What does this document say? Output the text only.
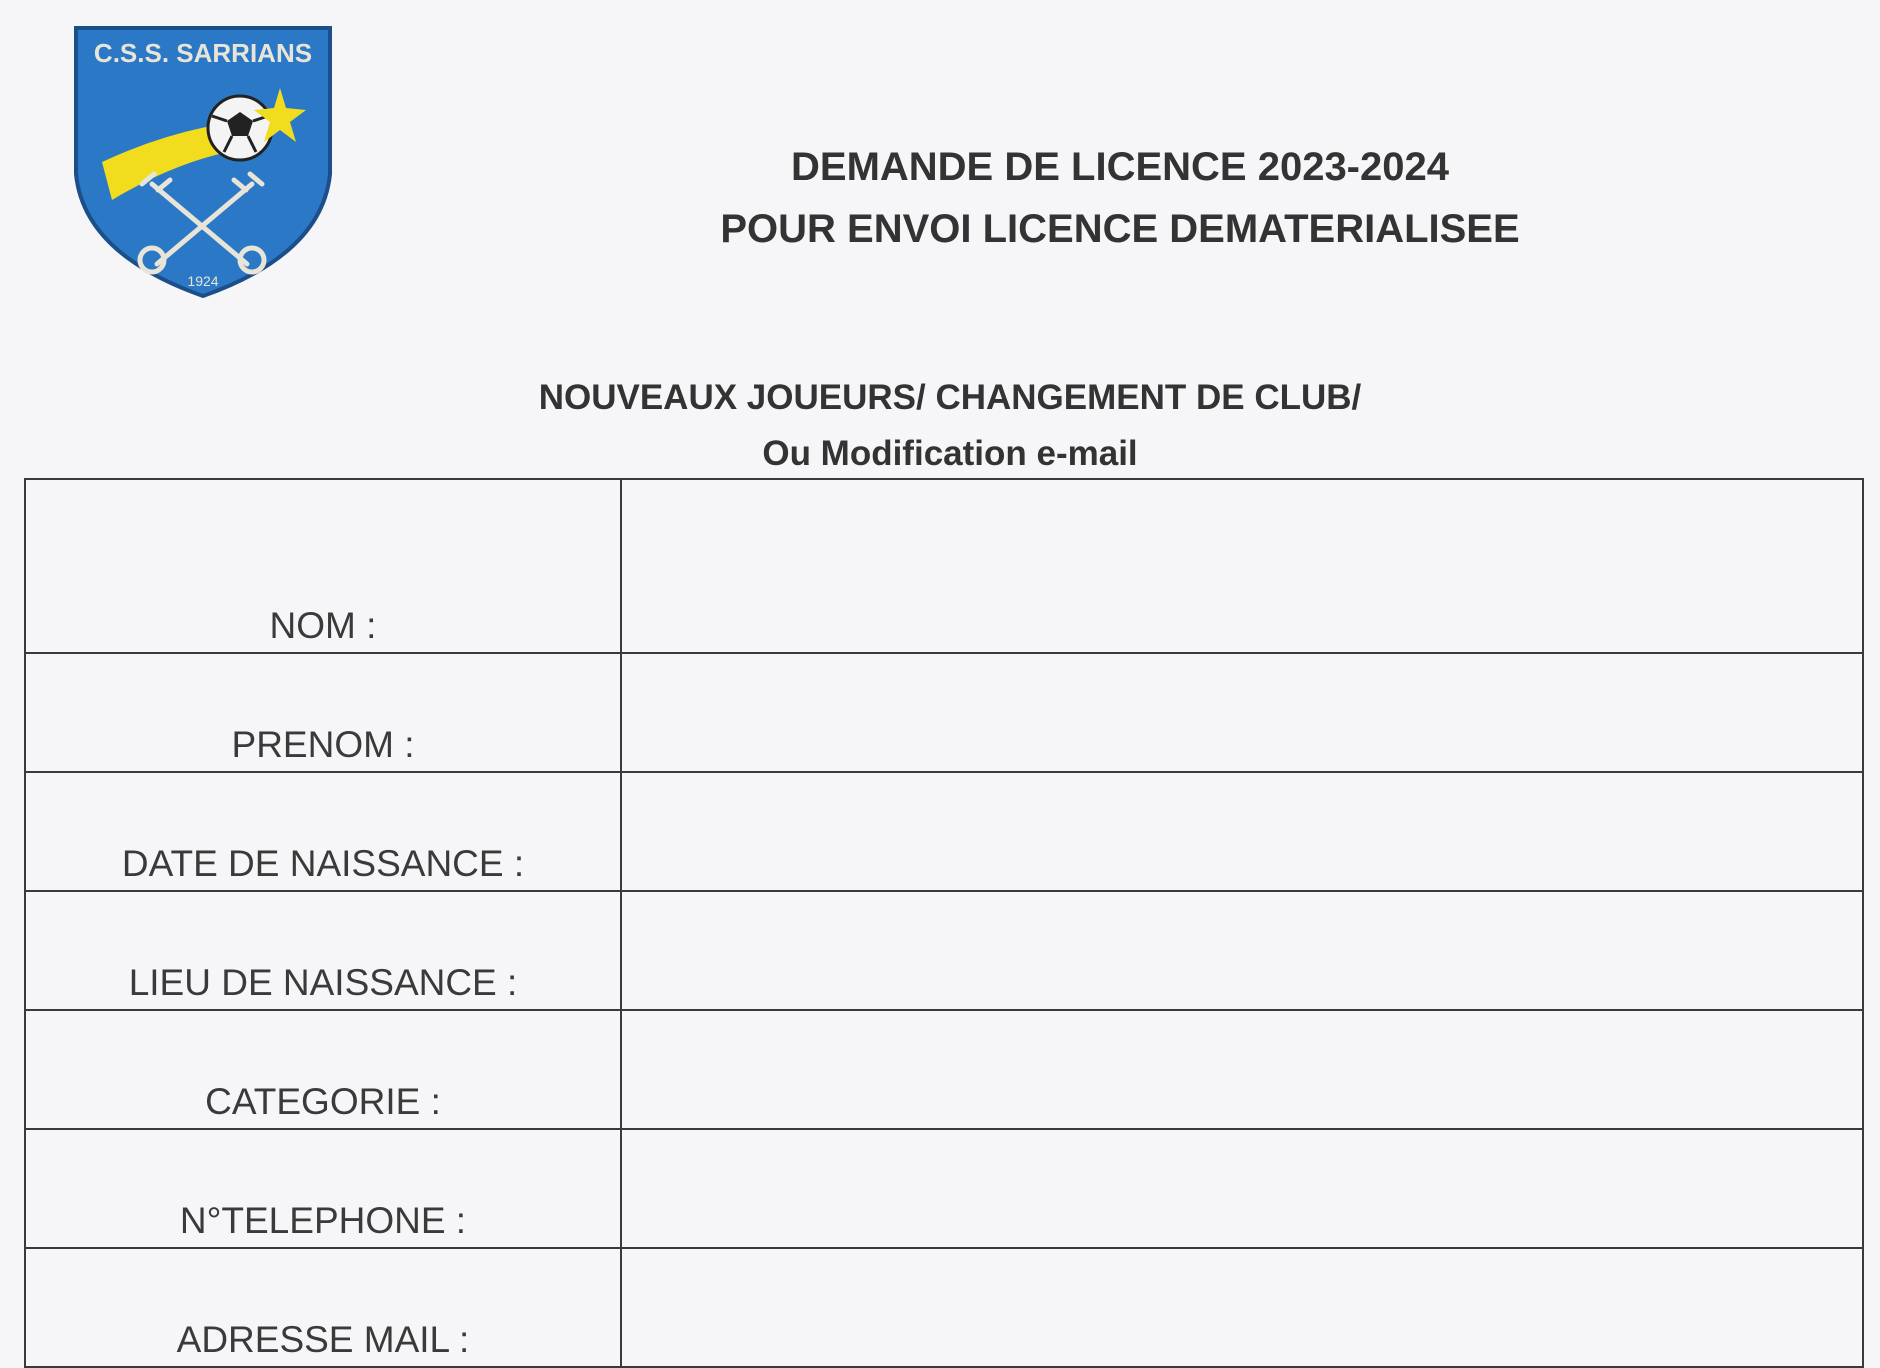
C.S.S. SARRIANS
1924
DEMANDE DE LICENCE 2023-2024
POUR ENVOI LICENCE DEMATERIALISEE
NOUVEAUX JOUEURS/ CHANGEMENT DE CLUB/
Ou Modification e-mail
NOM :	
PRENOM :	
DATE DE NAISSANCE :	
LIEU DE NAISSANCE :	
CATEGORIE :	
N°TELEPHONE :	
ADRESSE MAIL :	
